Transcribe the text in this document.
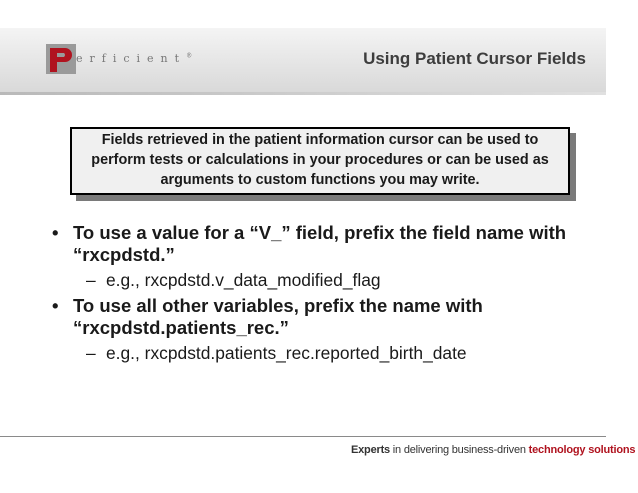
erficient®	Using Patient Cursor Fields
Fields retrieved in the patient information cursor can be used to perform tests or calculations in your procedures or can be used as arguments to custom functions you may write.
• To use a value for a “V_” field, prefix the field name with “rxcpdstd.”
– e.g., rxcpdstd.v_data_modified_flag
• To use all other variables, prefix the name with “rxcpdstd.patients_rec.”
– e.g., rxcpdstd.patients_rec.reported_birth_date
Experts in delivering business-driven technology solutions
